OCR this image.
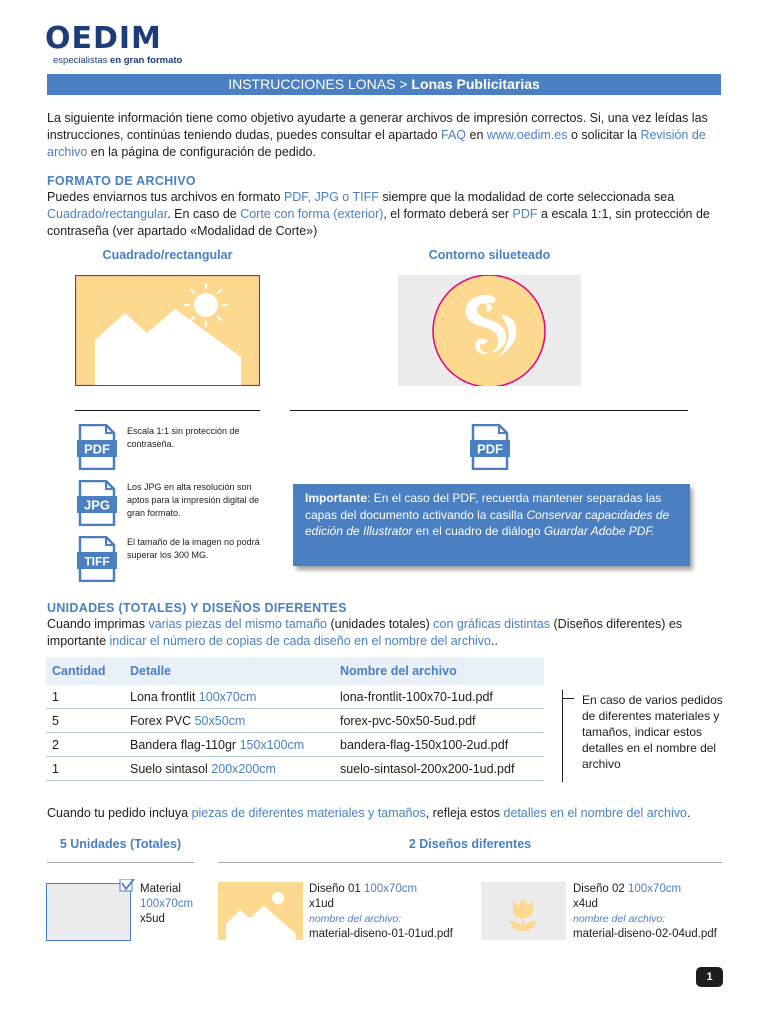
OEDIM
especialistas en gran formato
INSTRUCCIONES LONAS > Lonas Publicitarias
La siguiente información tiene como objetivo ayudarte a generar archivos de impresión correctos. Si, una vez leídas las instrucciones, continúas teniendo dudas, puedes consultar el apartado FAQ en www.oedim.es o solicitar la Revisión de archivo en la página de configuración de pedido.
FORMATO DE ARCHIVO
Puedes enviarnos tus archivos en formato PDF, JPG o TIFF siempre que la modalidad de corte seleccionada sea Cuadrado/rectangular. En caso de Corte con forma (exterior), el formato deberá ser PDF a escala 1:1, sin protección de contraseña (ver apartado «Modalidad de Corte»)
Cuadrado/rectangular	Contorno silueteado
PDF
Escala 1:1 sin protección de contraseña.
JPG
Los JPG en alta resolución son aptos para la impresión digital de gran formato.
TIFF
El tamaño de la imagen no podrá superar los 300 MG.
PDF
Importante: En el caso del PDF, recuerda mantener separadas las capas del documento activando la casilla Conservar capacidades de edición de Illustrator en el cuadro de diálogo Guardar Adobe PDF.
UNIDADES (TOTALES) Y DISEÑOS DIFERENTES
Cuando imprimas varias piezas del mismo tamaño (unidades totales) con gráficas distintas (Diseños diferentes) es importante indicar el número de copias de cada diseño en el nombre del archivo..
Cantidad	Detalle	Nombre del archivo
1	Lona frontlit 100x70cm	lona-frontlit-100x70-1ud.pdf
5	Forex PVC 50x50cm	forex-pvc-50x50-5ud.pdf
2	Bandera flag-110gr 150x100cm	bandera-flag-150x100-2ud.pdf
1	Suelo sintasol 200x200cm	suelo-sintasol-200x200-1ud.pdf
En caso de varios pedidos de diferentes materiales y tamaños, indicar estos detalles en el nombre del archivo
Cuando tu pedido incluya piezas de diferentes materiales y tamaños, refleja estos detalles en el nombre del archivo.
5 Unidades (Totales)	2 Diseños diferentes
Material
100x70cm
x5ud
Diseño 01 100x70cm
x1ud
nombre del archivo:
material-diseno-01-01ud.pdf
Diseño 02 100x70cm
x4ud
nombre del archivo:
material-diseno-02-04ud.pdf
1
